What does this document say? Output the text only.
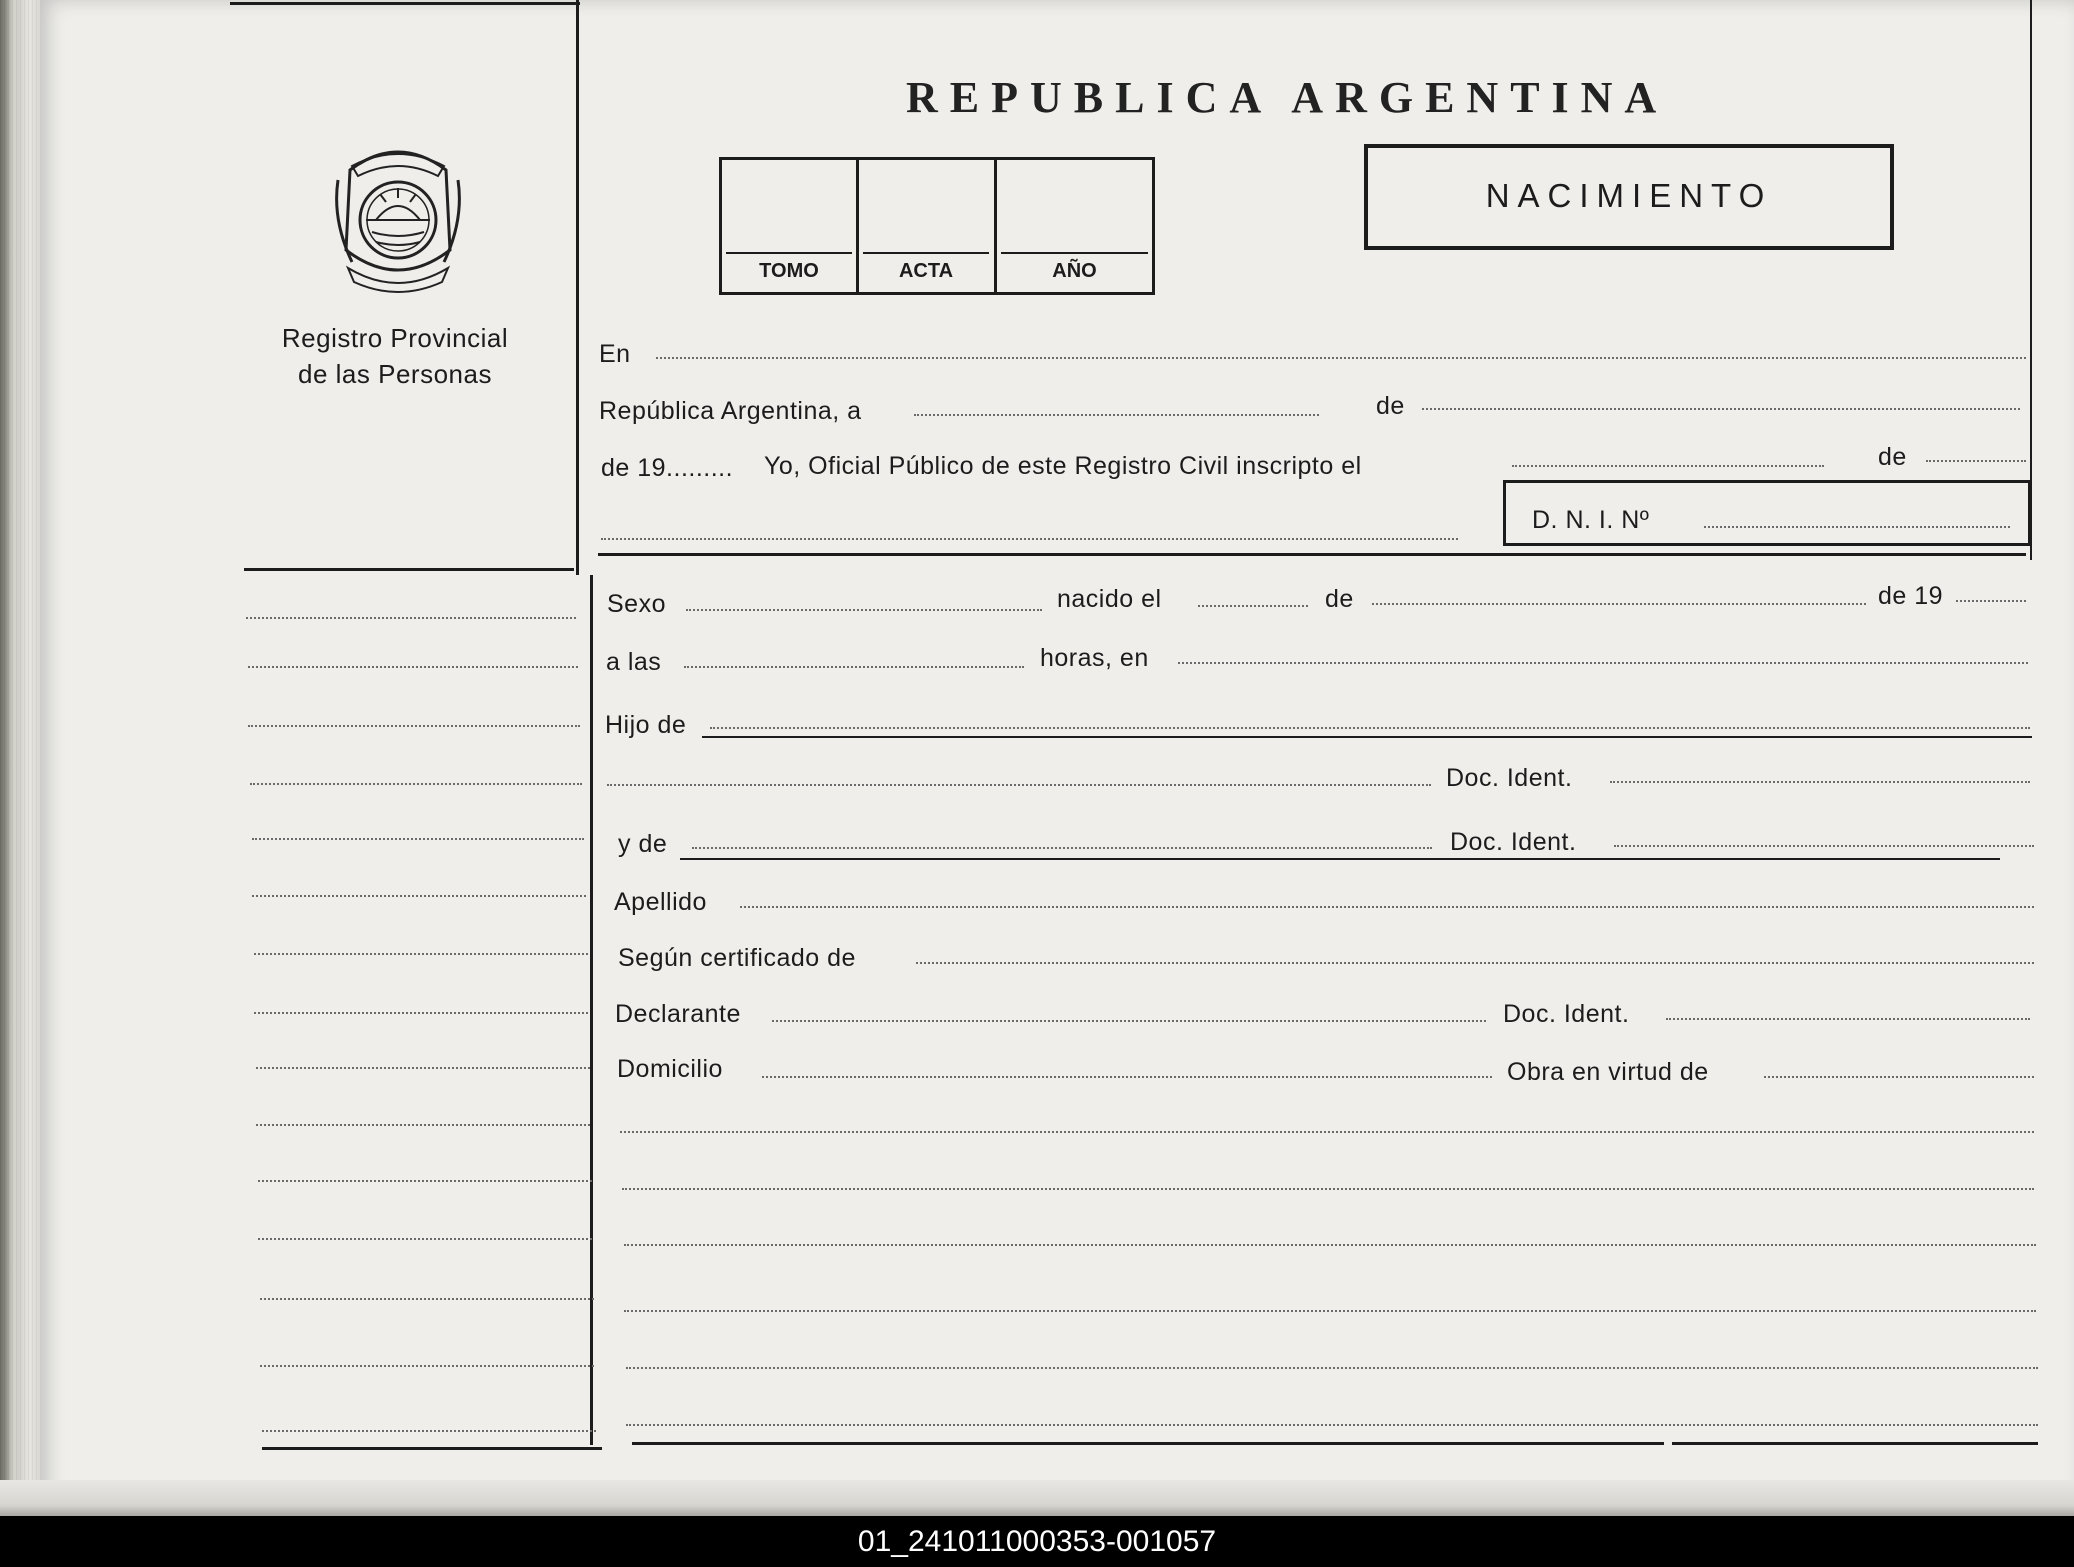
Registro Provincial
de las Personas
REPUBLICA ARGENTINA
TOMO	ACTA	AÑO
NACIMIENTO
En
República Argentina, a	de
de 19......... Yo, Oficial Público de este Registro Civil inscripto el	de
D. N. I. Nº
Sexo	nacido el	de	de 19
a las	horas, en
Hijo de
Doc. Ident.
y de	Doc. Ident.
Apellido
Según certificado de
Declarante	Doc. Ident.
Domicilio	Obra en virtud de
01_241011000353-001057
